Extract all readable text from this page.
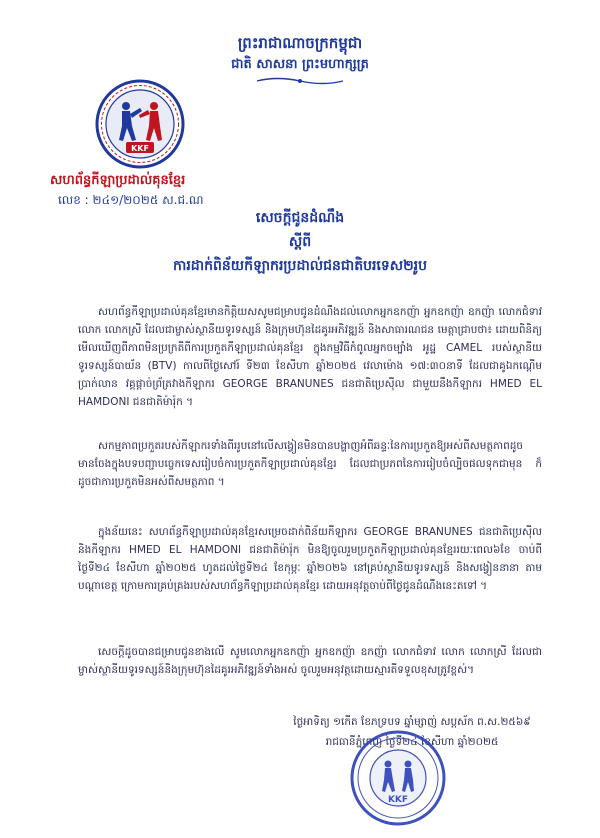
ព្រះរាជាណាចក្រកម្ពុជា
ជាតិ សាសនា ព្រះមហាក្សត្រ
KKF
សហព័ន្ធកីឡាប្រដាល់គុនខ្មែរ
លេខ : ២៤១/២០២៥ ស.ជ.ណ
សេចក្ដីជូនដំណឹង
ស្ដីពី
ការដាក់ពិន័យកីឡាករប្រដាល់ជនជាតិបរទេស២រូប

សហព័ន្ធកីឡាប្រដាល់គុនខ្មែរមានកិត្តិយសសូមជម្រាបជូនដំណឹងដល់លោកអ្នកឧកញ៉ា អ្នកឧកញ៉ា ឧកញ៉ា លោកជំទាវ លោក លោកស្រី ដែលជាម្ចាស់ស្ថានីយទូរទស្សន៍ និងក្រុមហ៊ុនដៃគូរអភិវឌ្ឍន៍ និងសាធារណជន មេត្តាជ្រាបថា៖ ដោយពិនិត្យមើលឃើញពីភាពមិនប្រក្រតីពីការប្រកួតកីឡាប្រដាល់គុនខ្មែរ ក្នុងកម្មវិធីកំពូលអ្នកចម្បាំង អូដ្ឋ CAMEL របស់ស្ថានីយទូរទស្សន៍បាយ័ន (BTV) កាលពីថ្ងៃសៅរ៍ ទី២៣ ខែសីហា ឆ្នាំ២០២៥ វេលាម៉ោង ១៧:៣០នាទី ដែលជាគូឯកណ្តើមប្រាក់លាន វគ្គផ្ដាច់ព្រ័ត្រវាងកីឡាករ GEORGE BRANUNES ជនជាតិប្រេស៊ីល ជាមួយនឹងកីឡាករ HMED EL HAMDONI ជនជាតិម៉ារ៉ុក ។

សកម្មភាពប្រកួតរបស់កីឡាករទាំងពីររូបនៅលើសង្វៀនមិនបានបង្ហាញអំពីឆន្ទៈនៃការប្រកួតឱ្យអស់ពីសមត្ថភាពដូចមានចែងក្នុងបទបញ្ជាបច្ចេកទេសរៀបចំការប្រកួតកីឡាប្រដាល់គុនខ្មែរ ដែលជាប្រភពនៃការរៀបចំល្បិចផលទុកជាមុន ក៏ដូចជាការប្រកួតមិនអស់ពីសមត្ថភាព ។

ក្នុងន័យនេះ សហព័ន្ធកីឡាប្រដាល់គុនខ្មែរសម្រេចដាក់ពិន័យកីឡាករ GEORGE BRANUNES ជនជាតិប្រេស៊ីល និងកីឡាករ HMED EL HAMDONI ជនជាតិម៉ារ៉ុក មិនឱ្យចូលរួមប្រកួតកីឡាប្រដាល់គុនខ្មែររយៈពេល៦ខែ ចាប់ពីថ្ងៃទី២៤ ខែសីហា ឆ្នាំ២០២៥ ហូតដល់ថ្ងៃទី២៤ ខែកុម្ភៈ ឆ្នាំ២០២៦ នៅគ្រប់ស្ថានីយទូរទស្សន៍ និងសង្វៀននានា តាមបណ្តាខេត្ត ក្រោមការគ្រប់គ្រងរបស់សហព័ន្ធកីឡាប្រដាល់គុនខ្មែរ ដោយអនុវត្តចាប់ពីថ្ងៃជូនដំណឹងនេះតទៅ ។

សេចក្ដីដូចបានជម្រាបជូនខាងលើ សូមលោកអ្នកឧកញ៉ា អ្នកឧកញ៉ា ឧកញ៉ា លោកជំទាវ លោក លោកស្រី ដែលជាម្ចាស់ស្ថានីយទូរទស្សន៍និងក្រុមហ៊ុនដៃគូរអភិវឌ្ឍន៍ទាំងអស់ ចូលរួមអនុវត្តដោយស្មារតីទទួលខុសត្រូវខ្ពស់។

ថ្ងៃអាទិត្យ ១កើត ខែភទ្របទ ឆ្នាំម្សាញ់ សប្តស័ក ព.ស.២៥៦៩
រាជធានីភ្នំពេញ ថ្ងៃទី២៤ ខែសីហា ឆ្នាំ២០២៥
KKF
